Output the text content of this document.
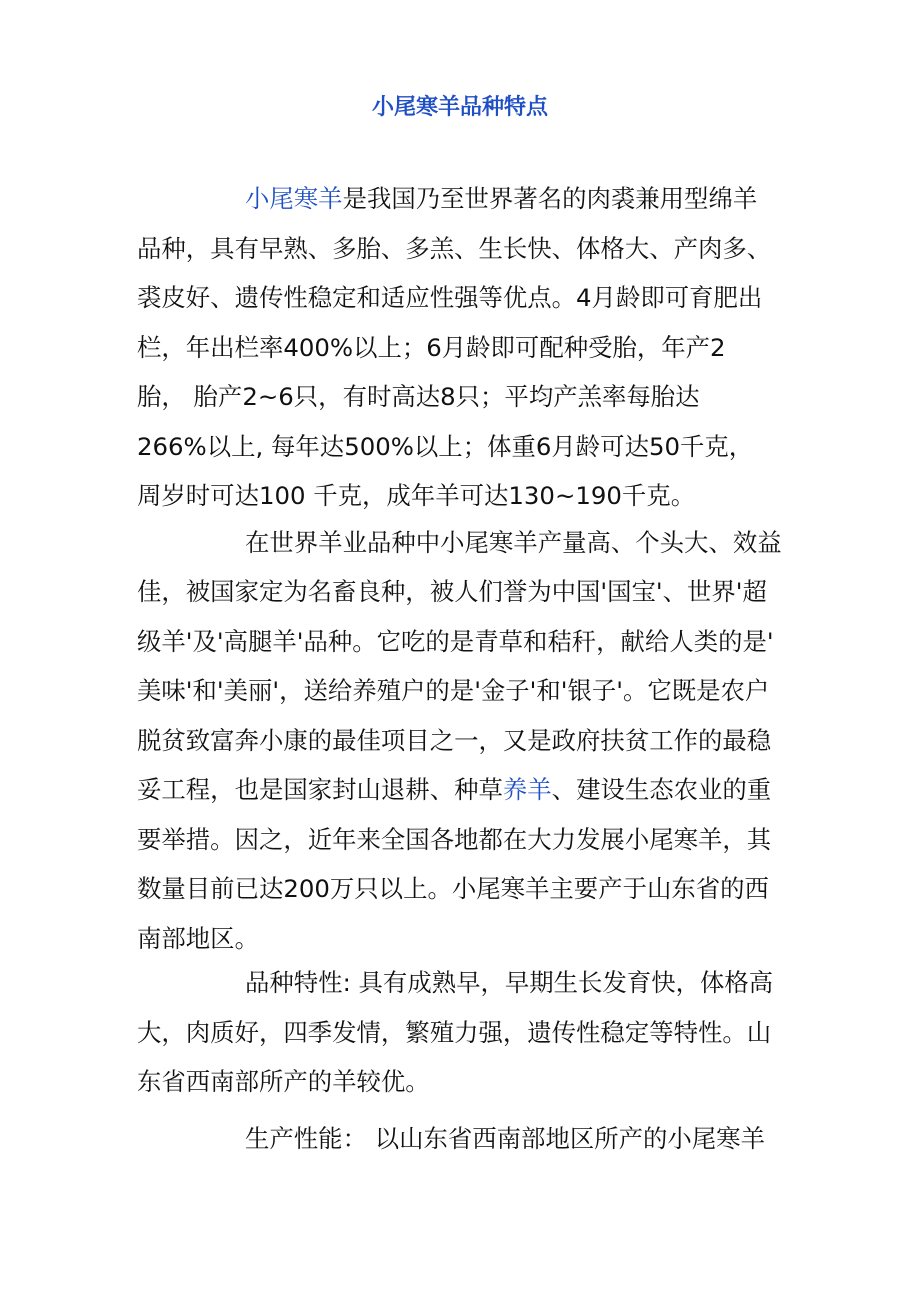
小尾寒羊品种特点
小尾寒羊是我国乃至世界著名的肉裘兼用型绵羊
品种，具有早熟、多胎、多羔、生长快、体格大、产肉多、
裘皮好、遗传性稳定和适应性强等优点。4月龄即可育肥出
栏，年出栏率400%以上；6月龄即可配种受胎，年产2
胎， 胎产2~6只，有时高达8只；平均产羔率每胎达
266%以上, 每年达500%以上；体重6月龄可达50千克，
周岁时可达100 千克，成年羊可达130~190千克。
在世界羊业品种中小尾寒羊产量高、个头大、效益
佳，被国家定为名畜良种，被人们誉为中国'国宝'、世界'超
级羊'及'高腿羊'品种。它吃的是青草和秸秆，献给人类的是'
美味'和'美丽'，送给养殖户的是'金子'和'银子'。它既是农户
脱贫致富奔小康的最佳项目之一，又是政府扶贫工作的最稳
妥工程，也是国家封山退耕、种草养羊、建设生态农业的重
要举措。因之，近年来全国各地都在大力发展小尾寒羊，其
数量目前已达200万只以上。小尾寒羊主要产于山东省的西
南部地区。
品种特性: 具有成熟早，早期生长发育快，体格高
大，肉质好，四季发情，繁殖力强，遗传性稳定等特性。山
东省西南部所产的羊较优。
生产性能： 以山东省西南部地区所产的小尾寒羊
